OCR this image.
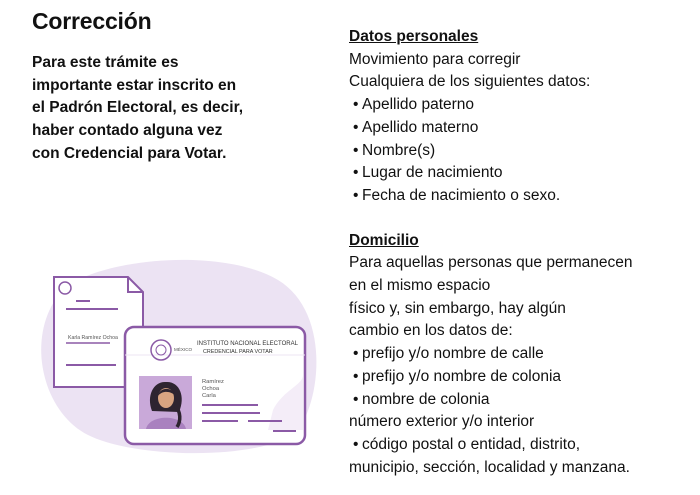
Corrección

Para este trámite es
importante estar inscrito en
el Padrón Electoral, es decir,
haber contado alguna vez
con Credencial para Votar.

Datos personales
Movimiento para corregir
Cualquiera de los siguientes datos:
• Apellido paterno
• Apellido materno
• Nombre(s)
• Lugar de nacimiento
• Fecha de nacimiento o sexo.
Domicilio
Para aquellas personas que permanecen
en el mismo espacio
físico y, sin embargo, hay algún
cambio en los datos de:
• prefijo y/o nombre de calle
• prefijo y/o nombre de colonia
• nombre de colonia
número exterior y/o interior
• código postal o entidad, distrito,
municipio, sección, localidad y manzana.
Karla Ramírez Ochoa
MÉXICO
INSTITUTO NACIONAL ELECTORAL
CREDENCIAL PARA VOTAR
Ramírez
Ochoa
Carla
